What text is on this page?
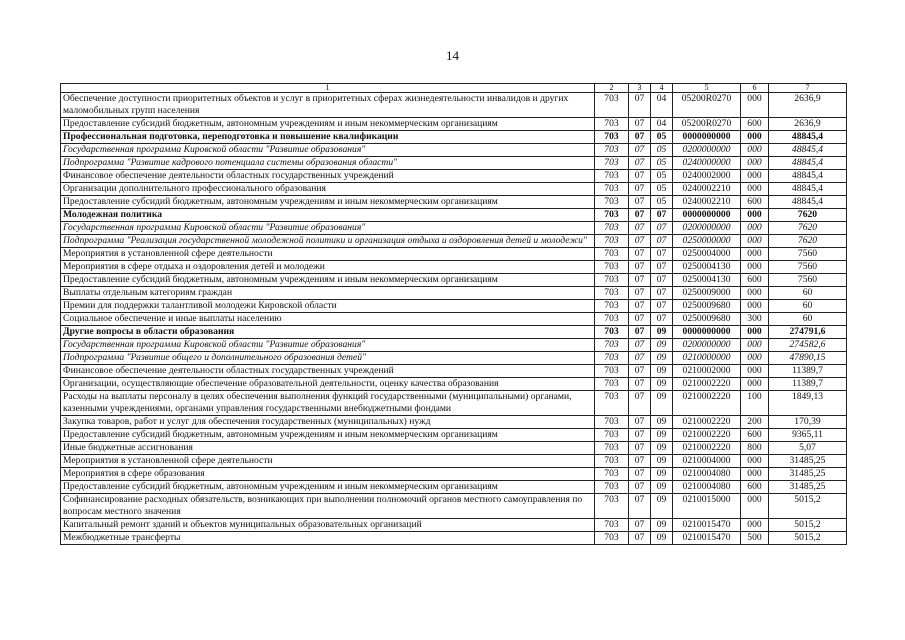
14
1	2	3	4	5	6	7
Обеспечение доступности приоритетных объектов и услуг в приоритетных сферах жизнедеятельности инвалидов и других маломобильных групп населения	703	07	04	05200R0270	000	2636,9
Предоставление субсидий бюджетным, автономным учреждениям и иным некоммерческим организациям	703	07	04	05200R0270	600	2636,9
Профессиональная подготовка, переподготовка и повышение квалификации	703	07	05	0000000000	000	48845,4
Государственная программа Кировской области "Развитие образования"	703	07	05	0200000000	000	48845,4
Подпрограмма "Развитие кадрового потенциала системы образования области"	703	07	05	0240000000	000	48845,4
Финансовое обеспечение деятельности областных государственных учреждений	703	07	05	0240002000	000	48845,4
Организации дополнительного профессионального образования	703	07	05	0240002210	000	48845,4
Предоставление субсидий бюджетным, автономным учреждениям и иным некоммерческим организациям	703	07	05	0240002210	600	48845,4
Молодежная политика	703	07	07	0000000000	000	7620
Государственная программа Кировской области "Развитие образования"	703	07	07	0200000000	000	7620
Подпрограмма "Реализация государственной молодежной политики и организация отдыха и оздоровления детей и молодежи"	703	07	07	0250000000	000	7620
Мероприятия в установленной сфере деятельности	703	07	07	0250004000	000	7560
Мероприятия в сфере отдыха и оздоровления детей и молодежи	703	07	07	0250004130	000	7560
Предоставление субсидий бюджетным, автономным учреждениям и иным некоммерческим организациям	703	07	07	0250004130	600	7560
Выплаты отдельным категориям граждан	703	07	07	0250009000	000	60
Премии для поддержки талантливой молодежи Кировской области	703	07	07	0250009680	000	60
Социальное обеспечение и иные выплаты населению	703	07	07	0250009680	300	60
Другие вопросы в области образования	703	07	09	0000000000	000	274791,6
Государственная программа Кировской области "Развитие образования"	703	07	09	0200000000	000	274582,6
Подпрограмма "Развитие общего и дополнительного образования детей"	703	07	09	0210000000	000	47890,15
Финансовое обеспечение деятельности областных государственных учреждений	703	07	09	0210002000	000	11389,7
Организации, осуществляющие обеспечение образовательной деятельности, оценку качества образования	703	07	09	0210002220	000	11389,7
Расходы на выплаты персоналу в целях обеспечения выполнения функций государственными (муниципальными) органами, казенными учреждениями, органами управления государственными внебюджетными фондами	703	07	09	0210002220	100	1849,13
Закупка товаров, работ и услуг для обеспечения государственных (муниципальных) нужд	703	07	09	0210002220	200	170,39
Предоставление субсидий бюджетным, автономным учреждениям и иным некоммерческим организациям	703	07	09	0210002220	600	9365,11
Иные бюджетные ассигнования	703	07	09	0210002220	800	5,07
Мероприятия в установленной сфере деятельности	703	07	09	0210004000	000	31485,25
Мероприятия в сфере образования	703	07	09	0210004080	000	31485,25
Предоставление субсидий бюджетным, автономным учреждениям и иным некоммерческим организациям	703	07	09	0210004080	600	31485,25
Софинансирование расходных обязательств, возникающих при выполнении полномочий органов местного самоуправления по вопросам местного значения	703	07	09	0210015000	000	5015,2
Капитальный ремонт зданий и объектов муниципальных образовательных организаций	703	07	09	0210015470	000	5015,2
Межбюджетные трансферты	703	07	09	0210015470	500	5015,2
